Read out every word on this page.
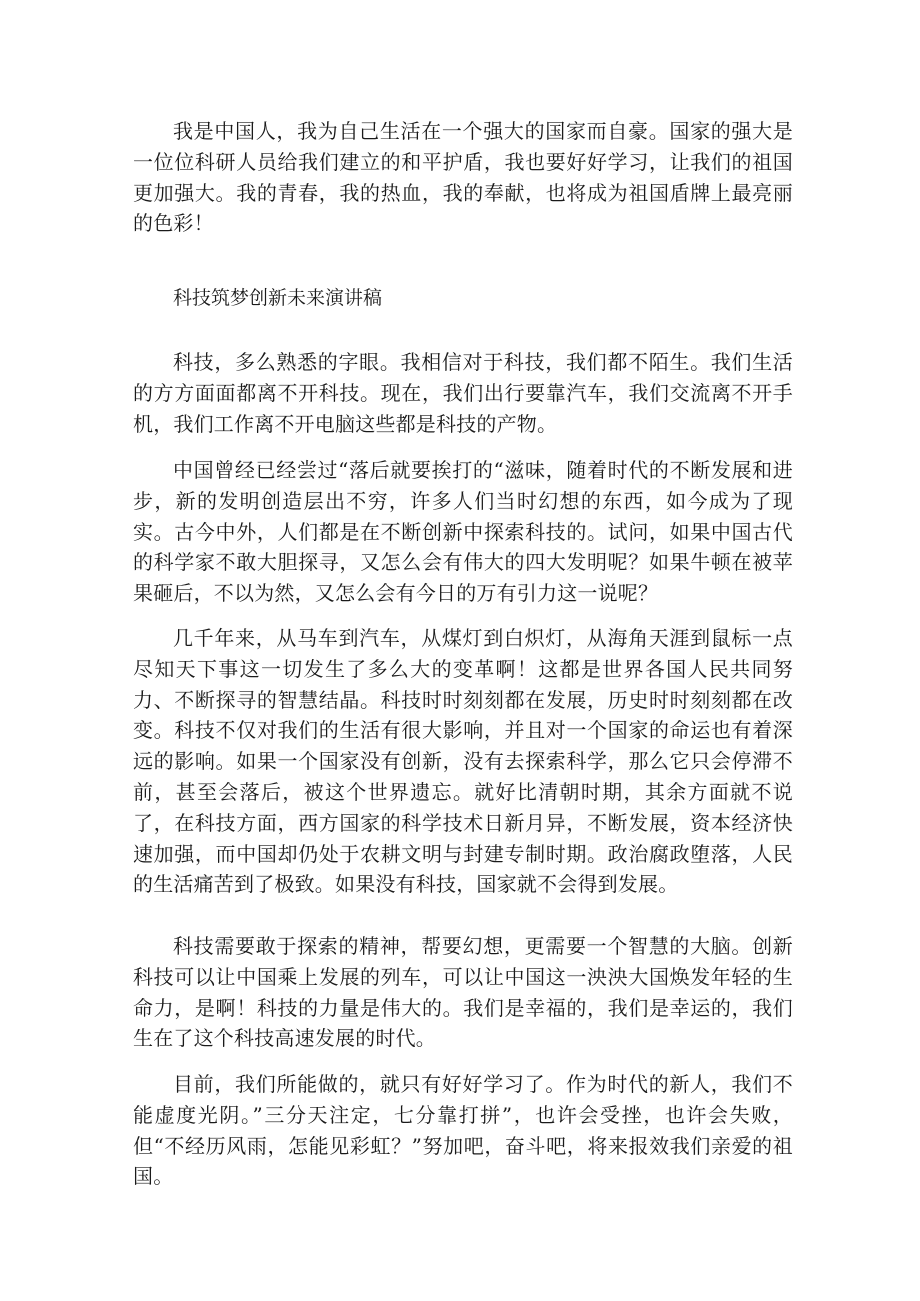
我是中国人，我为自己生活在一个强大的国家而自豪。国家的强大是一位位科研人员给我们建立的和平护盾，我也要好好学习，让我们的祖国更加强大。我的青春，我的热血，我的奉献，也将成为祖国盾牌上最亮丽的色彩！

科技筑梦创新未来演讲稿

科技，多么熟悉的字眼。我相信对于科技，我们都不陌生。我们生活的方方面面都离不开科技。现在，我们出行要靠汽车，我们交流离不开手机，我们工作离不开电脑这些都是科技的产物。

中国曾经已经尝过“落后就要挨打的“滋味，随着时代的不断发展和进步，新的发明创造层出不穷，许多人们当时幻想的东西，如今成为了现实。古今中外，人们都是在不断创新中探索科技的。试问，如果中国古代的科学家不敢大胆探寻，又怎么会有伟大的四大发明呢？如果牛顿在被苹果砸后，不以为然，又怎么会有今日的万有引力这一说呢？

几千年来，从马车到汽车，从煤灯到白炽灯，从海角天涯到鼠标一点尽知天下事这一切发生了多么大的变革啊！这都是世界各国人民共同努力、不断探寻的智慧结晶。科技时时刻刻都在发展，历史时时刻刻都在改变。科技不仅对我们的生活有很大影响，并且对一个国家的命运也有着深远的影响。如果一个国家没有创新，没有去探索科学，那么它只会停滞不前，甚至会落后，被这个世界遗忘。就好比清朝时期，其余方面就不说了，在科技方面，西方国家的科学技术日新月异，不断发展，资本经济快速加强，而中国却仍处于农耕文明与封建专制时期。政治腐政堕落，人民的生活痛苦到了极致。如果没有科技，国家就不会得到发展。

科技需要敢于探索的精神，帮要幻想，更需要一个智慧的大脑。创新科技可以让中国乘上发展的列车，可以让中国这一泱泱大国焕发年轻的生命力，是啊！科技的力量是伟大的。我们是幸福的，我们是幸运的，我们生在了这个科技高速发展的时代。

目前，我们所能做的，就只有好好学习了。作为时代的新人，我们不能虚度光阴。”三分天注定，七分靠打拼”，也许会受挫，也许会失败，但“不经历风雨，怎能见彩虹？”努加吧，奋斗吧，将来报效我们亲爱的祖国。
